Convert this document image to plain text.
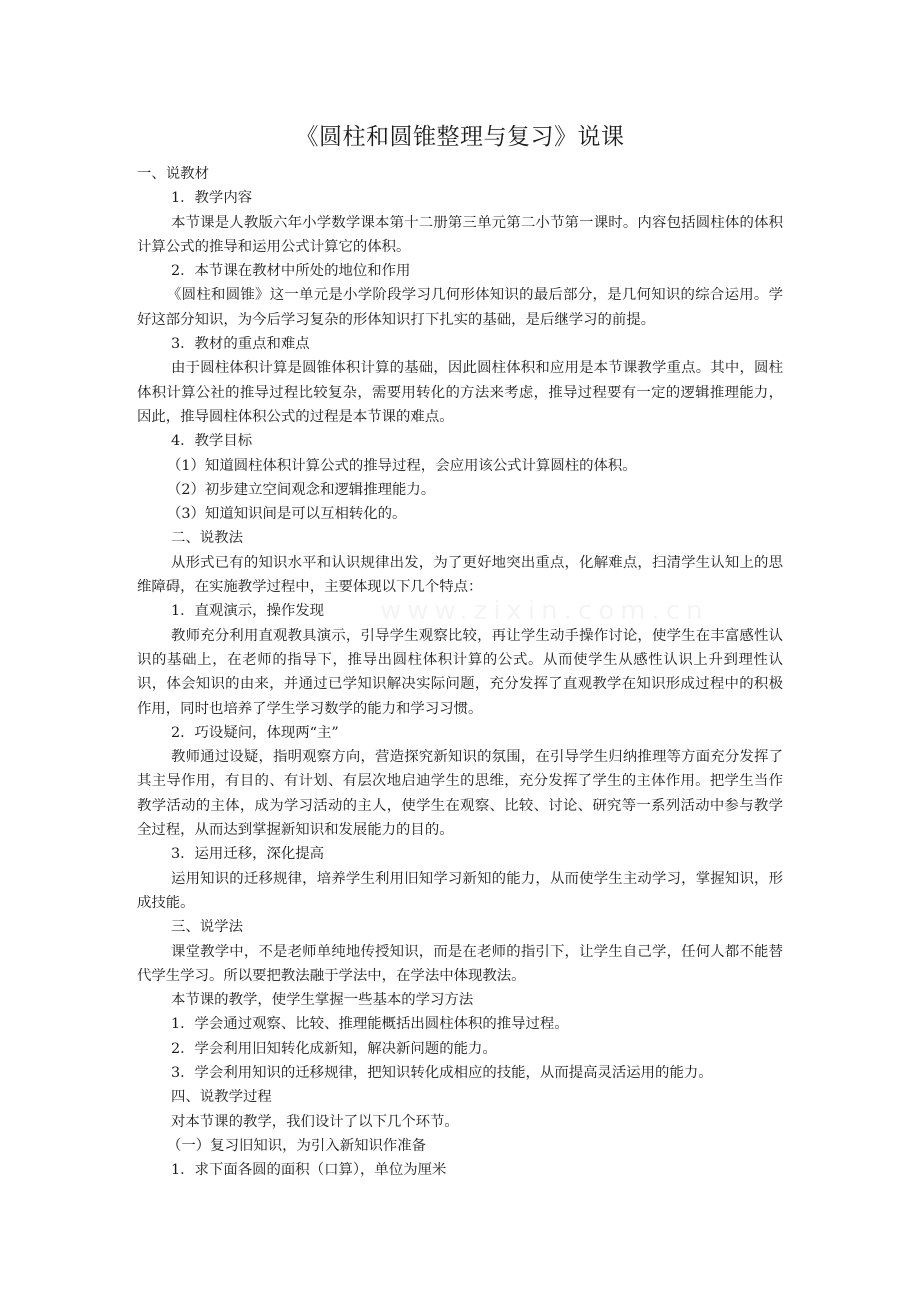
《圆柱和圆锥整理与复习》说课

一、说教材

1．教学内容

本节课是人教版六年小学数学课本第十二册第三单元第二小节第一课时。内容包括圆柱体的体积计算公式的推导和运用公式计算它的体积。

2．本节课在教材中所处的地位和作用

《圆柱和圆锥》这一单元是小学阶段学习几何形体知识的最后部分，是几何知识的综合运用。学好这部分知识，为今后学习复杂的形体知识打下扎实的基础，是后继学习的前提。

3．教材的重点和难点

由于圆柱体积计算是圆锥体积计算的基础，因此圆柱体积和应用是本节课教学重点。其中，圆柱体积计算公社的推导过程比较复杂，需要用转化的方法来考虑，推导过程要有一定的逻辑推理能力，因此，推导圆柱体积公式的过程是本节课的难点。

4．教学目标

（1）知道圆柱体积计算公式的推导过程，会应用该公式计算圆柱的体积。

（2）初步建立空间观念和逻辑推理能力。

（3）知道知识间是可以互相转化的。

二、说教法

从形式已有的知识水平和认识规律出发，为了更好地突出重点，化解难点，扫清学生认知上的思维障碍，在实施教学过程中，主要体现以下几个特点：

1．直观演示，操作发现

教师充分利用直观教具演示，引导学生观察比较，再让学生动手操作讨论，使学生在丰富感性认识的基础上，在老师的指导下，推导出圆柱体积计算的公式。从而使学生从感性认识上升到理性认识，体会知识的由来，并通过已学知识解决实际问题，充分发挥了直观教学在知识形成过程中的积极作用，同时也培养了学生学习数学的能力和学习习惯。

2．巧设疑问，体现两“主”

教师通过设疑，指明观察方向，营造探究新知识的氛围，在引导学生归纳推理等方面充分发挥了其主导作用，有目的、有计划、有层次地启迪学生的思维，充分发挥了学生的主体作用。把学生当作教学活动的主体，成为学习活动的主人，使学生在观察、比较、讨论、研究等一系列活动中参与教学全过程，从而达到掌握新知识和发展能力的目的。

3．运用迁移，深化提高

运用知识的迁移规律，培养学生利用旧知学习新知的能力，从而使学生主动学习，掌握知识，形成技能。

三、说学法

课堂教学中，不是老师单纯地传授知识，而是在老师的指引下，让学生自己学，任何人都不能替代学生学习。所以要把教法融于学法中，在学法中体现教法。

本节课的教学，使学生掌握一些基本的学习方法

1．学会通过观察、比较、推理能概括出圆柱体积的推导过程。

2．学会利用旧知转化成新知，解决新问题的能力。

3．学会利用知识的迁移规律，把知识转化成相应的技能，从而提高灵活运用的能力。

四、说教学过程

对本节课的教学，我们设计了以下几个环节。

（一）复习旧知识，为引入新知识作准备

1．求下面各圆的面积（口算），单位为厘米
